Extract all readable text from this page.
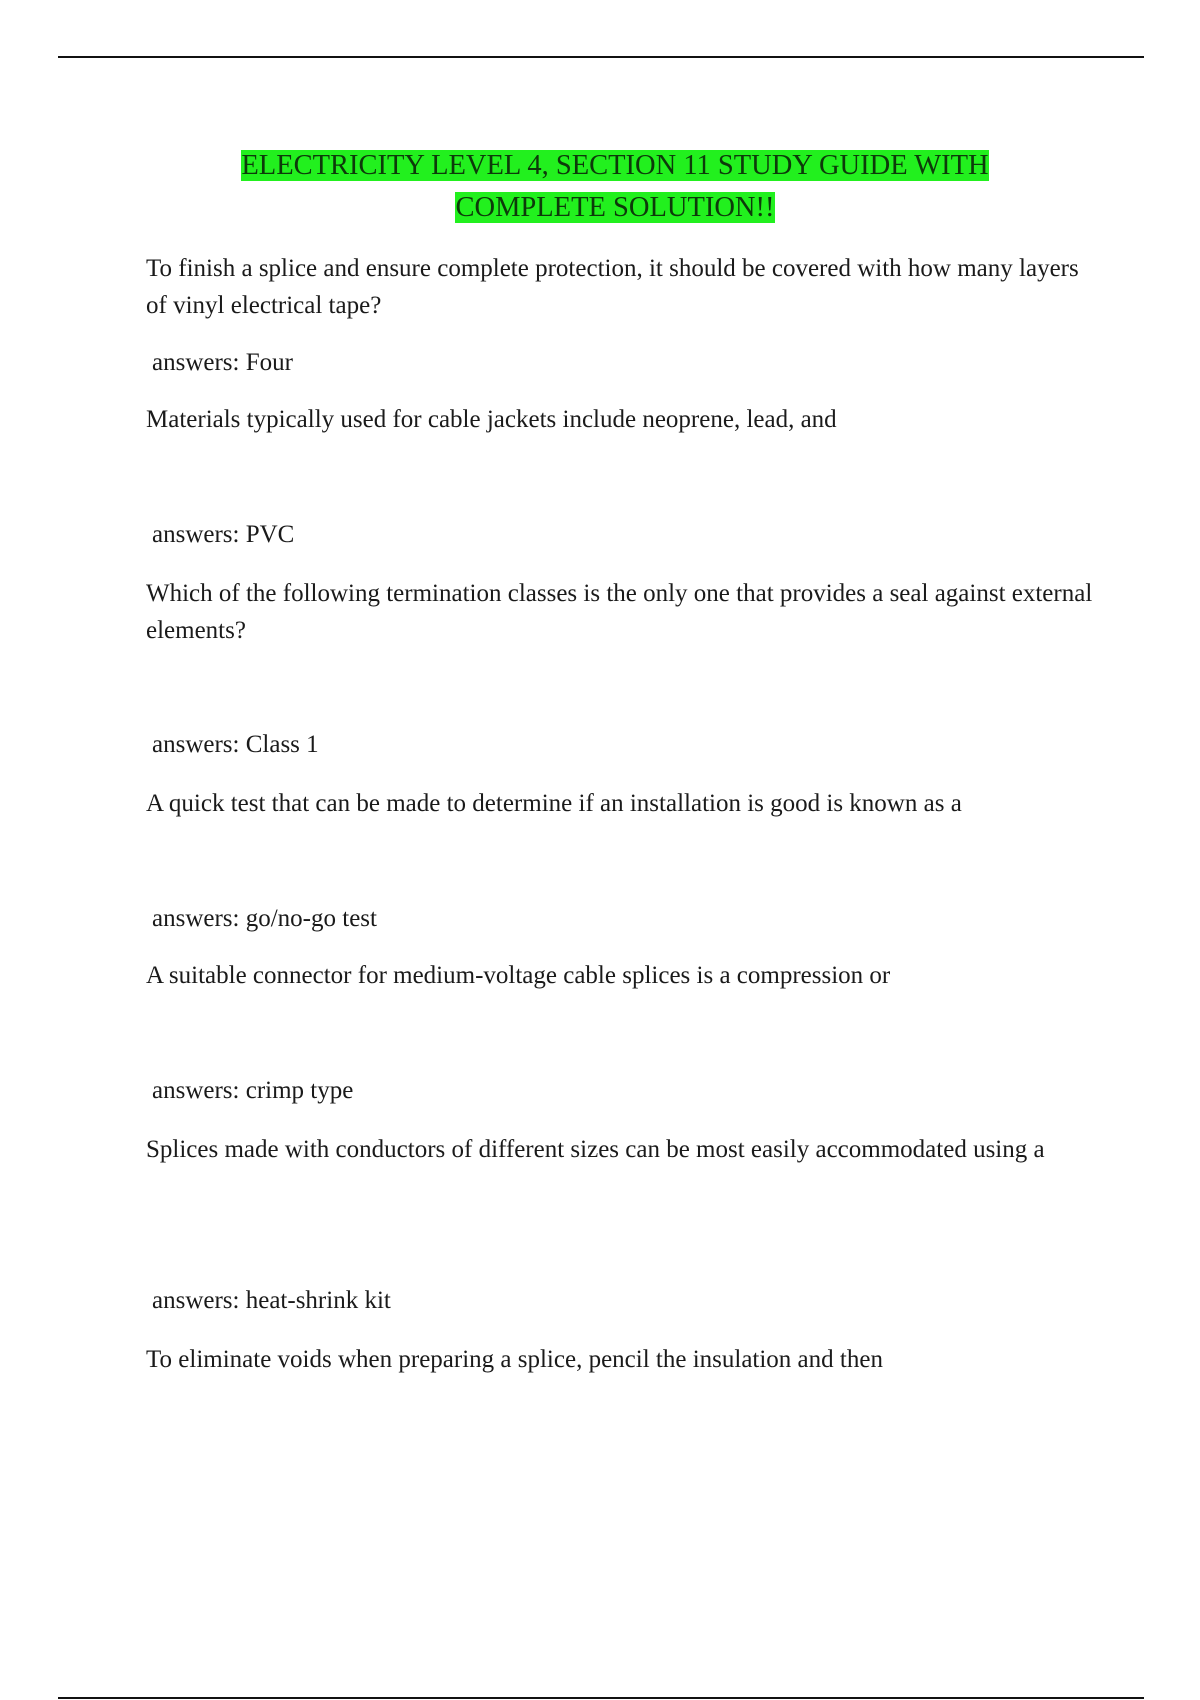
ELECTRICITY LEVEL 4, SECTION 11 STUDY GUIDE WITH
COMPLETE SOLUTION!!

To finish a splice and ensure complete protection, it should be covered with how many layers of vinyl electrical tape?

answers: Four

Materials typically used for cable jackets include neoprene, lead, and

answers: PVC

Which of the following termination classes is the only one that provides a seal against external elements?

answers: Class 1

A quick test that can be made to determine if an installation is good is known as a

answers: go/no-go test

A suitable connector for medium-voltage cable splices is a compression or

answers: crimp type

Splices made with conductors of different sizes can be most easily accommodated using a

answers: heat-shrink kit

To eliminate voids when preparing a splice, pencil the insulation and then
